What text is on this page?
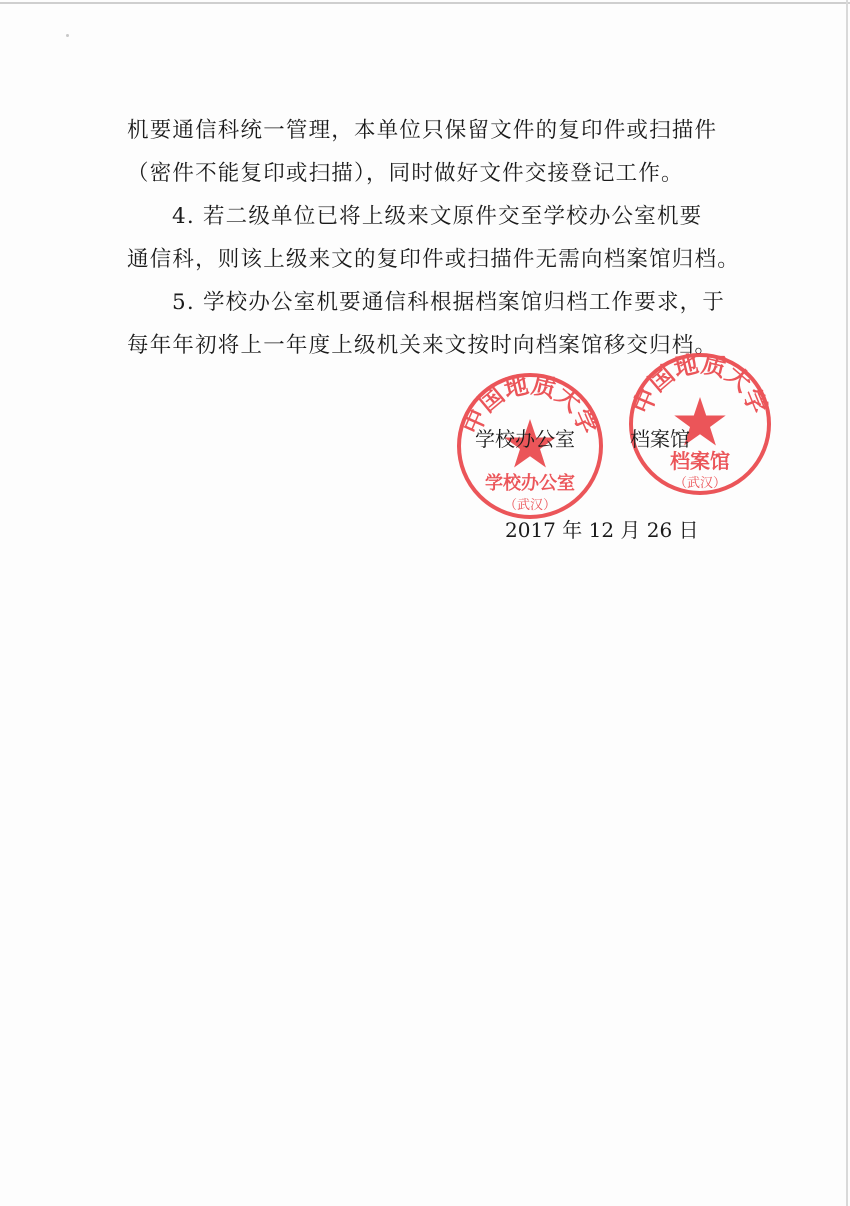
机要通信科统一管理，本单位只保留文件的复印件或扫描件
（密件不能复印或扫描），同时做好文件交接登记工作。
4. 若二级单位已将上级来文原件交至学校办公室机要
通信科，则该上级来文的复印件或扫描件无需向档案馆归档。
5. 学校办公室机要通信科根据档案馆归档工作要求，于
每年年初将上一年度上级机关来文按时向档案馆移交归档。
中国地质大学
学校办公室
（武汉）
中国地质大学
档案馆
（武汉）
学校办公室	档案馆
2017 年 12 月 26 日
